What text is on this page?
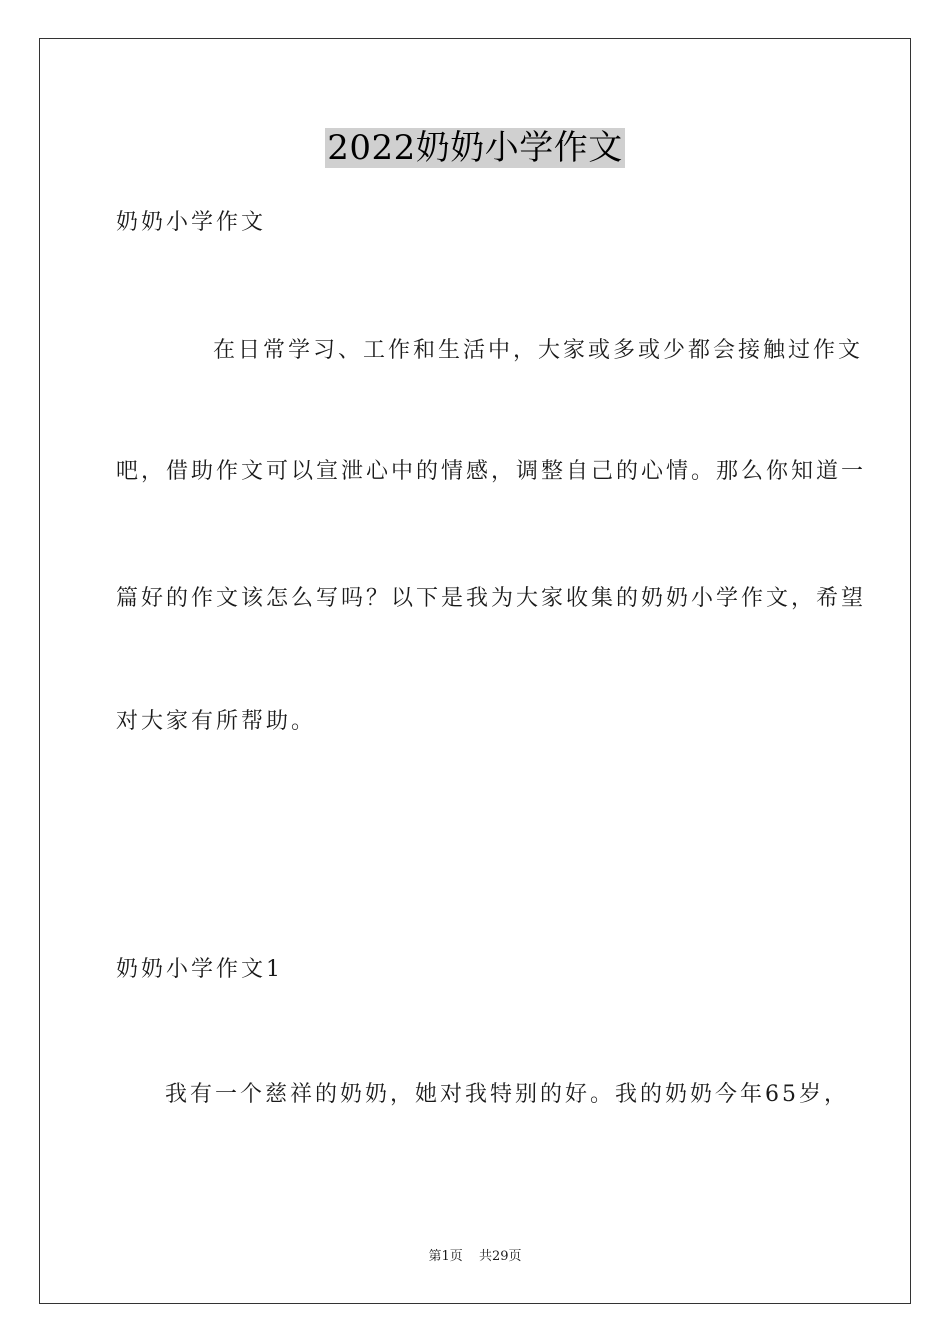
2022奶奶小学作文
奶奶小学作文
在日常学习、工作和生活中，大家或多或少都会接触过作文
吧，借助作文可以宣泄心中的情感，调整自己的心情。那么你知道一
篇好的作文该怎么写吗？以下是我为大家收集的奶奶小学作文，希望
对大家有所帮助。
奶奶小学作文1
我有一个慈祥的奶奶，她对我特别的好。我的奶奶今年65岁，
第1页 共29页
